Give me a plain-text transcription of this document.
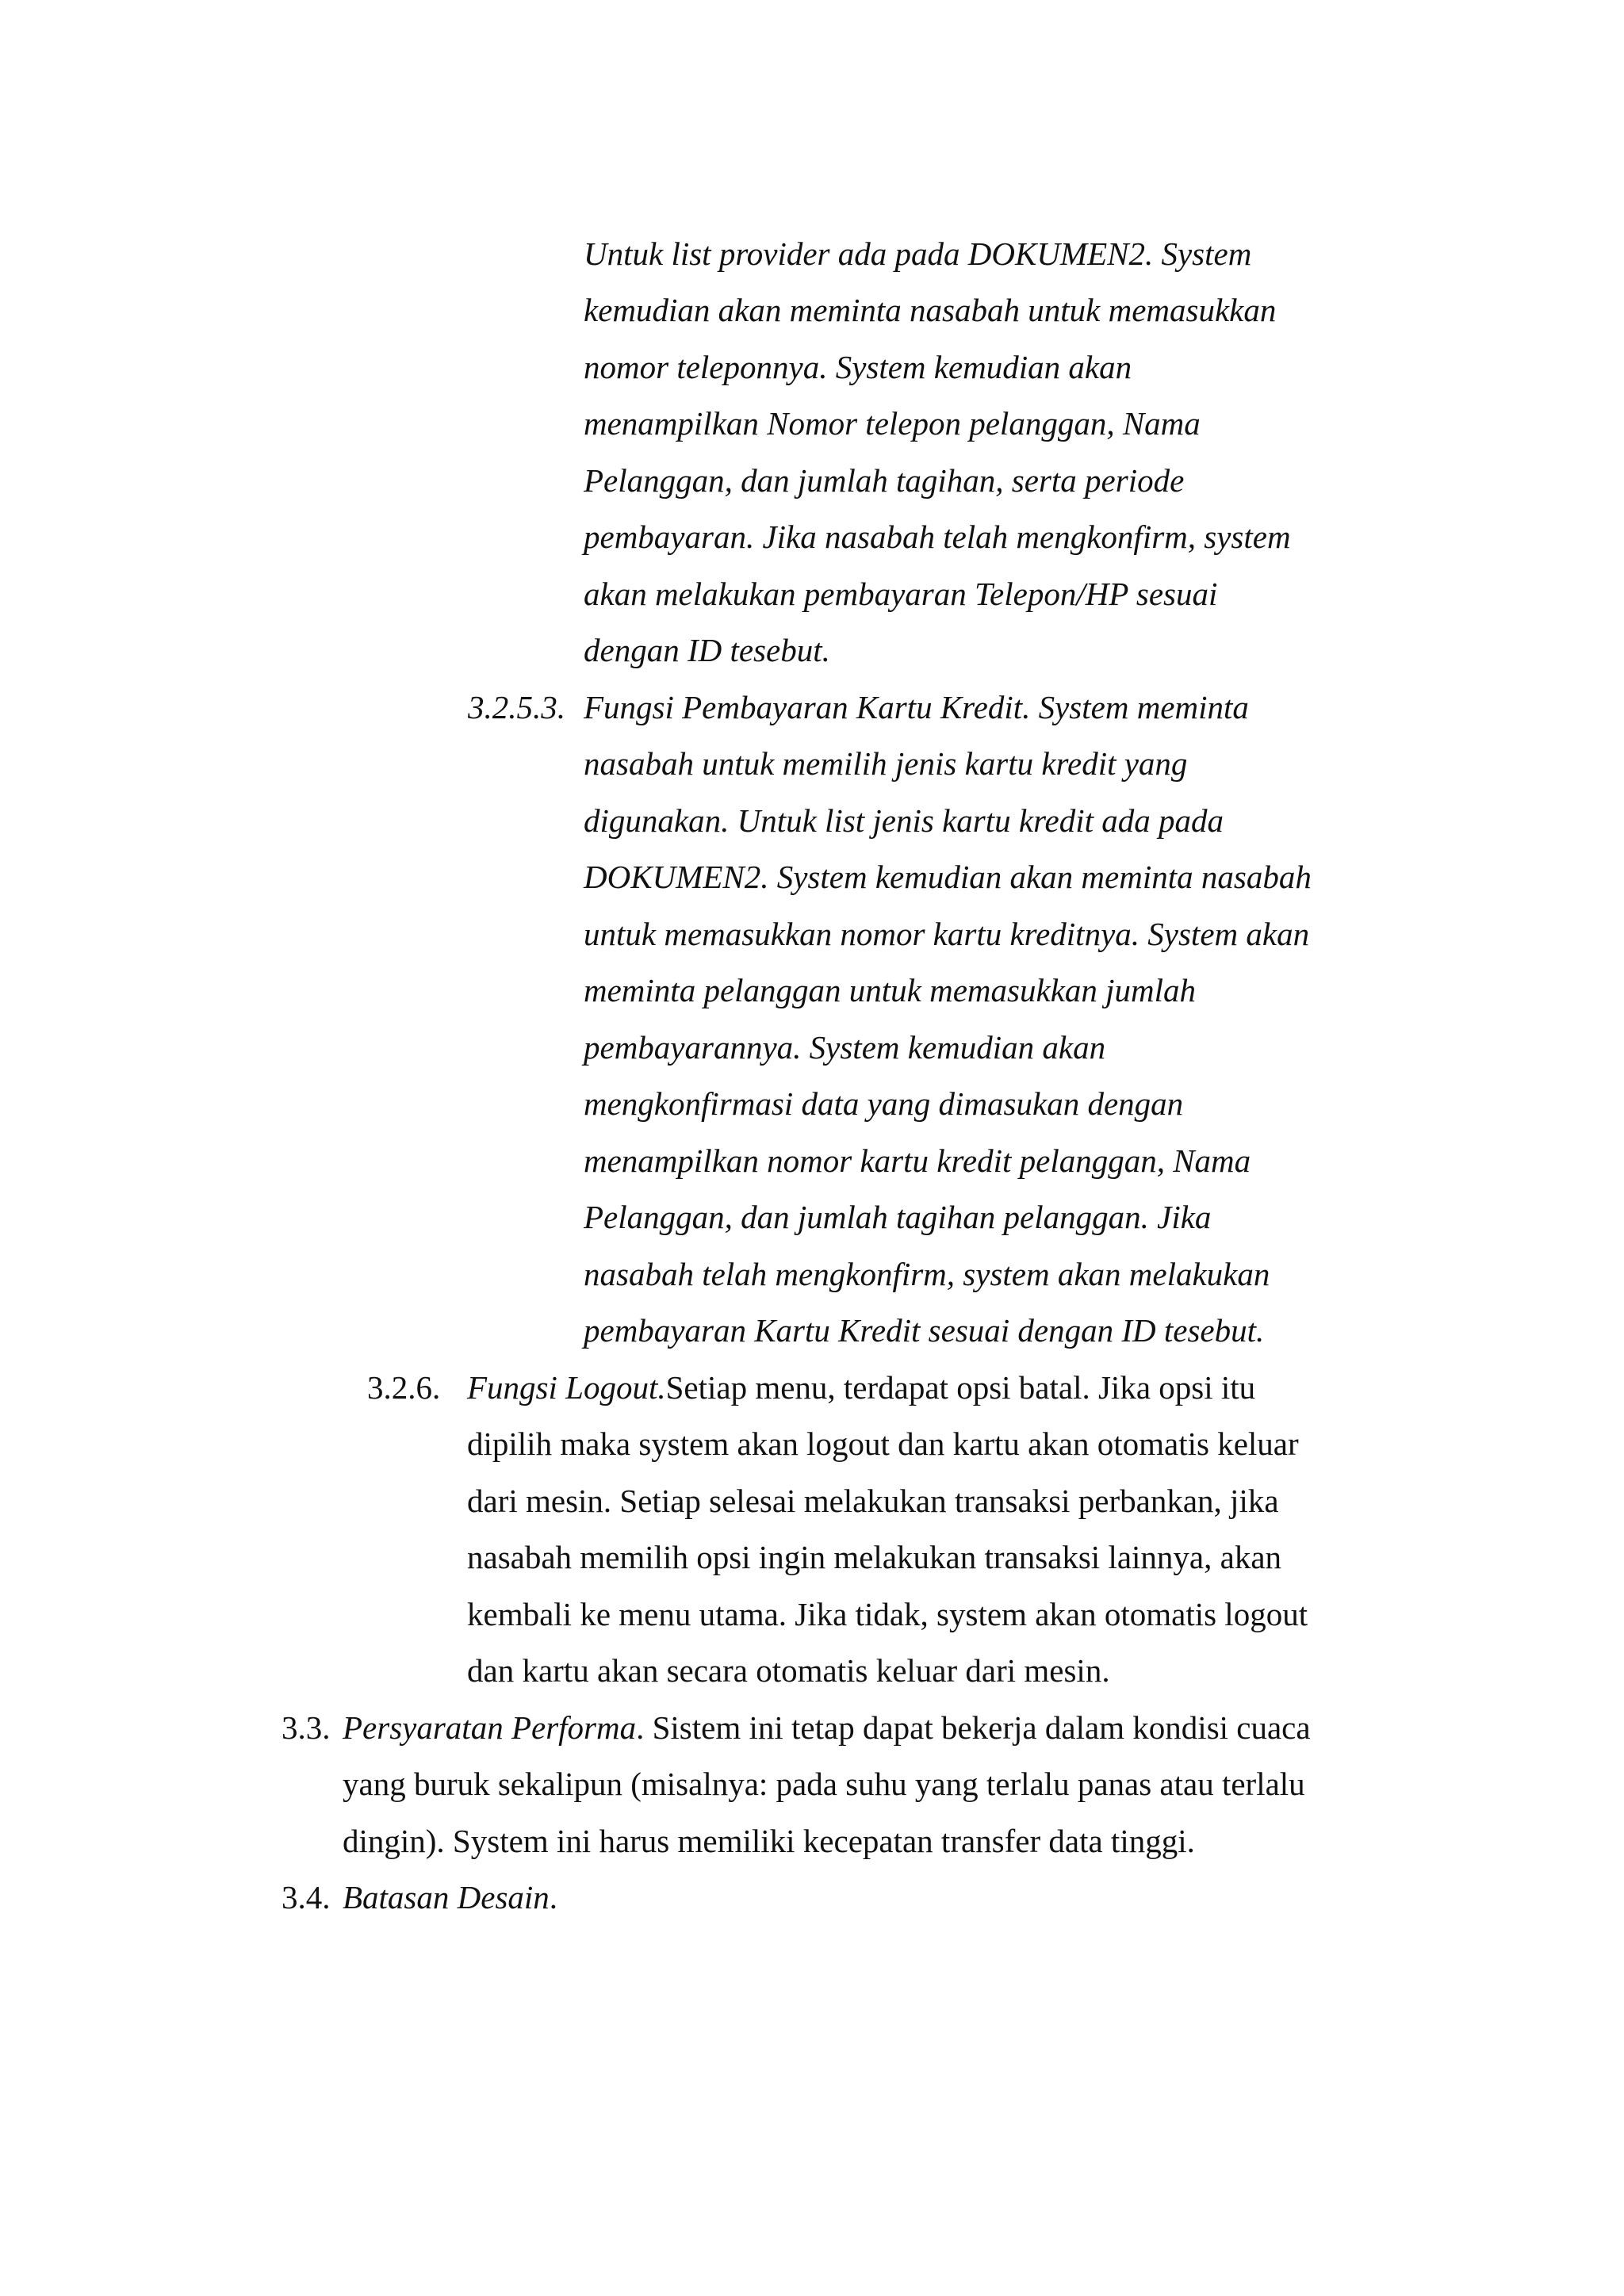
Untuk list provider ada pada DOKUMEN2. System
kemudian akan meminta nasabah untuk memasukkan
nomor teleponnya. System kemudian akan
menampilkan Nomor telepon pelanggan, Nama
Pelanggan, dan jumlah tagihan, serta periode
pembayaran. Jika nasabah telah mengkonfirm, system
akan melakukan pembayaran Telepon/HP sesuai
dengan ID tesebut.
3.2.5.3. Fungsi Pembayaran Kartu Kredit. System meminta
nasabah untuk memilih jenis kartu kredit yang
digunakan. Untuk list jenis kartu kredit ada pada
DOKUMEN2. System kemudian akan meminta nasabah
untuk memasukkan nomor kartu kreditnya. System akan
meminta pelanggan untuk memasukkan jumlah
pembayarannya. System kemudian akan
mengkonfirmasi data yang dimasukan dengan
menampilkan nomor kartu kredit pelanggan, Nama
Pelanggan, dan jumlah tagihan pelanggan. Jika
nasabah telah mengkonfirm, system akan melakukan
pembayaran Kartu Kredit sesuai dengan ID tesebut.
3.2.6. Fungsi Logout.Setiap menu, terdapat opsi batal. Jika opsi itu
dipilih maka system akan logout dan kartu akan otomatis keluar
dari mesin. Setiap selesai melakukan transaksi perbankan, jika
nasabah memilih opsi ingin melakukan transaksi lainnya, akan
kembali ke menu utama. Jika tidak, system akan otomatis logout
dan kartu akan secara otomatis keluar dari mesin.
3.3. Persyaratan Performa. Sistem ini tetap dapat bekerja dalam kondisi cuaca
yang buruk sekalipun (misalnya: pada suhu yang terlalu panas atau terlalu
dingin). System ini harus memiliki kecepatan transfer data tinggi.
3.4. Batasan Desain.
